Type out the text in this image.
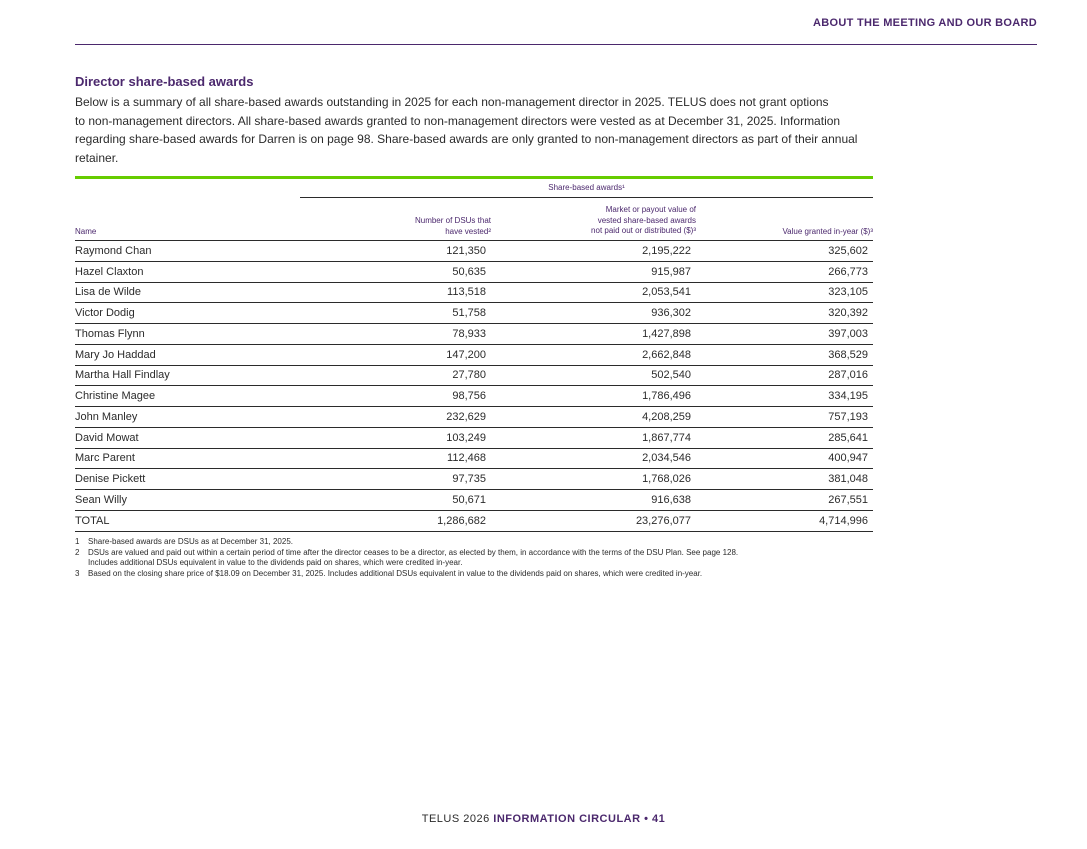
ABOUT THE MEETING AND OUR BOARD
Director share-based awards

Below is a summary of all share-based awards outstanding in 2025 for each non-management director in 2025. TELUS does not grant options
to non-management directors. All share-based awards granted to non-management directors were vested as at December 31, 2025. Information
regarding share-based awards for Darren is on page 98. Share-based awards are only granted to non-management directors as part of their annual
retainer.

Share-based awards¹
Name
Number of DSUs that
have vested²
Market or payout value of
vested share-based awards
not paid out or distributed ($)³	Value granted in-year ($)³
Raymond Chan	121,350	2,195,222	325,602
Hazel Claxton	50,635	915,987	266,773
Lisa de Wilde	113,518	2,053,541	323,105
Victor Dodig	51,758	936,302	320,392
Thomas Flynn	78,933	1,427,898	397,003
Mary Jo Haddad	147,200	2,662,848	368,529
Martha Hall Findlay	27,780	502,540	287,016
Christine Magee	98,756	1,786,496	334,195
John Manley	232,629	4,208,259	757,193
David Mowat	103,249	1,867,774	285,641
Marc Parent	112,468	2,034,546	400,947
Denise Pickett	97,735	1,768,026	381,048
Sean Willy	50,671	916,638	267,551
TOTAL	1,286,682	23,276,077	4,714,996
1	Share-based awards are DSUs as at December 31, 2025.
2	DSUs are valued and paid out within a certain period of time after the director ceases to be a director, as elected by them, in accordance with the terms of the DSU Plan. See page 128.
Includes additional DSUs equivalent in value to the dividends paid on shares, which were credited in-year.
3	Based on the closing share price of $18.09 on December 31, 2025. Includes additional DSUs equivalent in value to the dividends paid on shares, which were credited in-year.
TELUS 2026 INFORMATION CIRCULAR • 41
